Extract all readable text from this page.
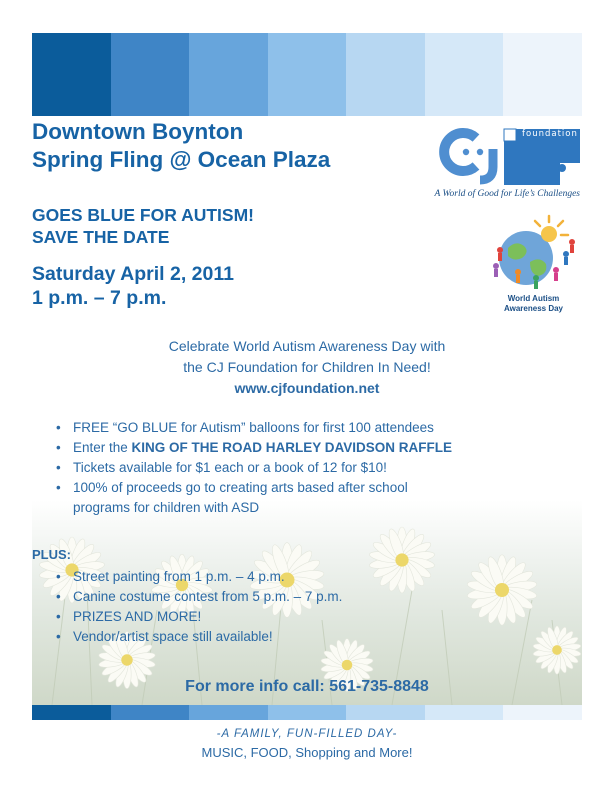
Downtown Boynton
Spring Fling @ Ocean Plaza
foundation
A World of Good for Life’s Challenges
GOES BLUE FOR AUTISM!
SAVE THE DATE
Saturday April 2, 2011
1 p.m. – 7 p.m.	World Autism
Awareness Day
Celebrate World Autism Awareness Day with
the CJ Foundation for Children In Need!
www.cjfoundation.net
• FREE “GO BLUE for Autism” balloons for first 100 attendees
• Enter the KING OF THE ROAD HARLEY DAVIDSON RAFFLE
• Tickets available for $1 each or a book of 12 for $10!
• 100% of proceeds go to creating arts based after school
programs for children with ASD
PLUS:
• Street painting from 1 p.m. – 4 p.m.
• Canine costume contest from 5 p.m. – 7 p.m.
• PRIZES AND MORE!
• Vendor/artist space still available!
For more info call: 561-735-8848
-A FAMILY, FUN-FILLED DAY-
MUSIC, FOOD, Shopping and More!
